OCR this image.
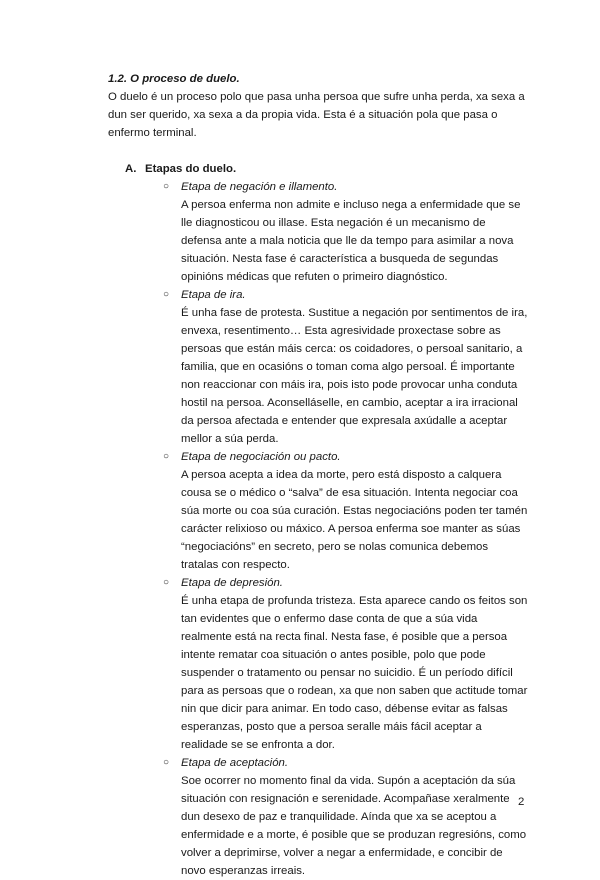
1.2. O proceso de duelo.

O duelo é un proceso polo que pasa unha persoa que sufre unha perda, xa sexa a dun ser querido, xa sexa a da propia vida. Esta é a situación pola que pasa o enfermo terminal.

A. Etapas do duelo.

○ Etapa de negación e illamento.

A persoa enferma non admite e incluso nega a enfermidade que se lle diagnosticou ou illase. Esta negación é un mecanismo de defensa ante a mala noticia que lle da tempo para asimilar a nova situación. Nesta fase é característica a busqueda de segundas opinións médicas que refuten o primeiro diagnóstico.

○ Etapa de ira.

É unha fase de protesta. Sustitue a negación por sentimentos de ira, envexa, resentimento… Esta agresividade proxectase sobre as persoas que están máis cerca: os coidadores, o persoal sanitario, a familia, que en ocasións o toman coma algo persoal. É importante non reaccionar con máis ira, pois isto pode provocar unha conduta hostil na persoa. Aconselláselle, en cambio, aceptar a ira irracional da persoa afectada e entender que expresala axúdalle a aceptar mellor a súa perda.

○ Etapa de negociación ou pacto.

A persoa acepta a idea da morte, pero está disposto a calquera cousa se o médico o “salva” de esa situación. Intenta negociar coa súa morte ou coa súa curación. Estas negociacións poden ter tamén carácter relixioso ou máxico. A persoa enferma soe manter as súas “negociacións” en secreto, pero se nolas comunica debemos tratalas con respecto.

○ Etapa de depresión.

É unha etapa de profunda tristeza. Esta aparece cando os feitos son tan evidentes que o enfermo dase conta de que a súa vida realmente está na recta final. Nesta fase, é posible que a persoa intente rematar coa situación o antes posible, polo que pode suspender o tratamento ou pensar no suicidio. É un período difícil para as persoas que o rodean, xa que non saben que actitude tomar nin que dicir para animar. En todo caso, débense evitar as falsas esperanzas, posto que a persoa seralle máis fácil aceptar a realidade se se enfronta a dor.

○ Etapa de aceptación.

Soe ocorrer no momento final da vida. Supón a aceptación da súa situación con resignación e serenidade. Acompañase xeralmente dun desexo de paz e tranquilidade. Aínda que xa se aceptou a enfermidade e a morte, é posible que se produzan regresións, como volver a deprimirse, volver a negar a enfermidade, e concibir de novo esperanzas irreais.

2
